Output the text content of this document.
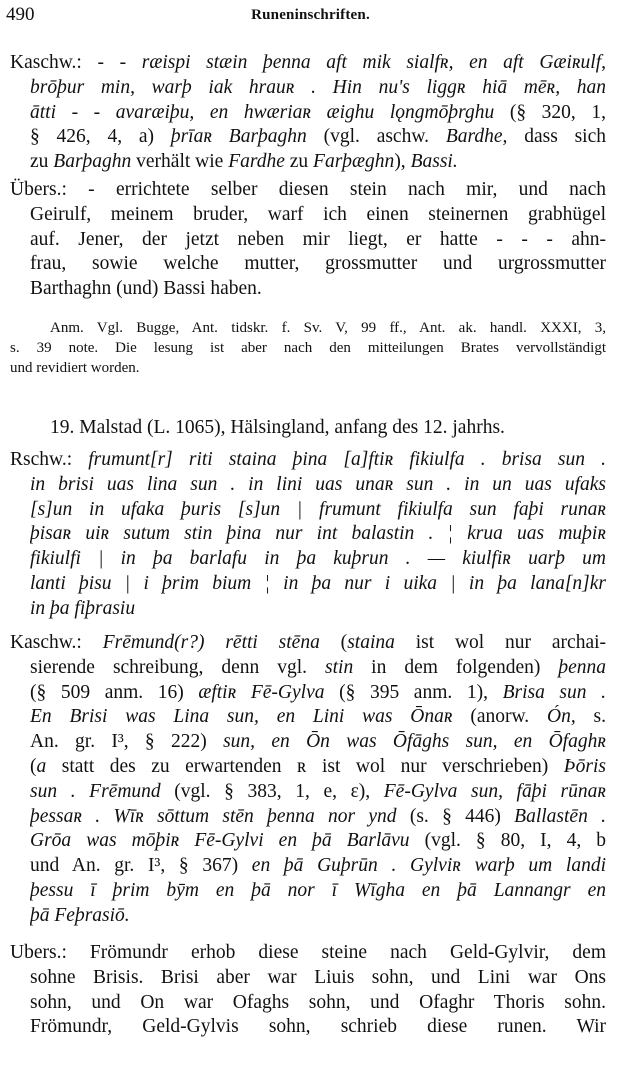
490	Runeninschriften.
Kaschw.: - - ræispi stæin þenna aft mik sialfʀ, en aft Gæiʀulf,
brōþur min, warþ iak hrauʀ . Hin nu's liggʀ hiā mēʀ, han
ātti - - avaræiþu, en hwæriaʀ æighu lǫngmōþrghu (§ 320, 1,
§ 426, 4, a) þrīaʀ Barþaghn (vgl. aschw. Bardhe, dass sich
zu Barþaghn verhält wie Fardhe zu Farþæghn), Bassi.
Übers.: - errichtete selber diesen stein nach mir, und nach
Geirulf, meinem bruder, warf ich einen steinernen grabhügel
auf. Jener, der jetzt neben mir liegt, er hatte - - - ahn-
frau, sowie welche mutter, grossmutter und urgrossmutter
Barthaghn (und) Bassi haben.
Anm. Vgl. Bugge, Ant. tidskr. f. Sv. V, 99 ff., Ant. ak. handl. XXXI, 3,
s. 39 note. Die lesung ist aber nach den mitteilungen Brates vervollständigt
und revidiert worden.
19. Malstad (L. 1065), Hälsingland, anfang des 12. jahrhs.
Rschw.: frumunt[r] riti staina þina [a]ftiʀ fikiulfa . brisa sun .
in brisi uas lina sun . in lini uas unaʀ sun . in un uas ufaks
[s]un in ufaka þuris [s]un | frumunt fikiulfa sun faþi runaʀ
þisaʀ uiʀ sutum stin þina nur int balastin . ¦ krua uas muþiʀ
fikiulfi | in þa barlafu in þa kuþrun . — kiulfiʀ uarþ um
lanti þisu | i þrim bium ¦ in þa nur i uika | in þa lana[n]kr
in þa fiþrasiu
Kaschw.: Frēmund(r?) rētti stēna (staina ist wol nur archai-
sierende schreibung, denn vgl. stin in dem folgenden) þenna
(§ 509 anm. 16) æftiʀ Fē-Gylva (§ 395 anm. 1), Brisa sun .
En Brisi was Lina sun, en Lini was Ōnaʀ (anorw. Ón, s.
An. gr. I³, § 222) sun, en Ōn was Ōfāghs sun, en Ōfaghʀ
(a statt des zu erwartenden ʀ ist wol nur verschrieben) Þōris
sun . Frēmund (vgl. § 383, 1, e, ε), Fē-Gylva sun, fāþi rūnaʀ
þessaʀ . Wīʀ sōttum stēn þenna nor ynd (s. § 446) Ballastēn .
Grōa was mōþiʀ Fē-Gylvi en þā Barlāvu (vgl. § 80, I, 4, b
und An. gr. I³, § 367) en þā Guþrūn . Gylviʀ warþ um landi
þessu ī þrim bȳm en þā nor ī Wīgha en þā Lannangr en
þā Feþrasiō.
Ubers.: Frömundr erhob diese steine nach Geld-Gylvir, dem
sohne Brisis. Brisi aber war Liuis sohn, und Lini war Ons
sohn, und On war Ofaghs sohn, und Ofaghr Thoris sohn.
Frömundr, Geld-Gylvis sohn, schrieb diese runen. Wir
